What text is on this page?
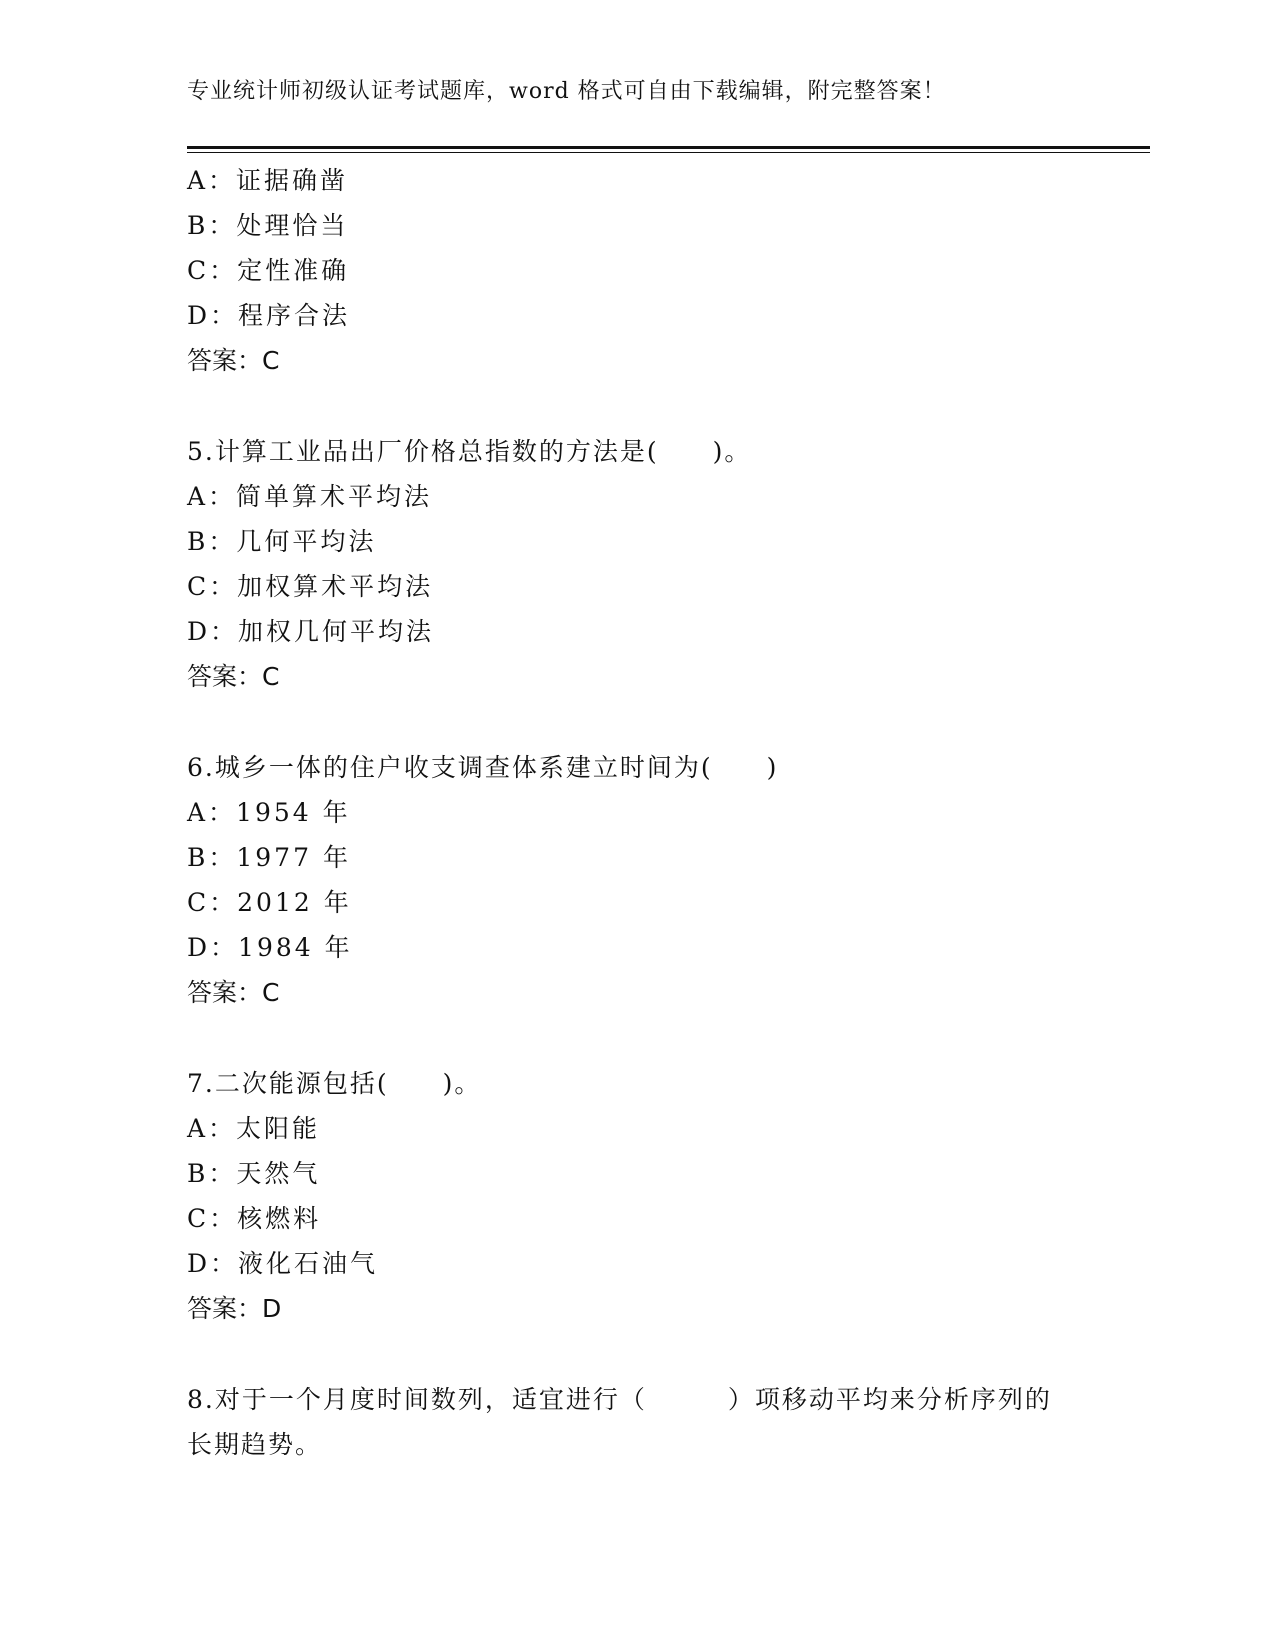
专业统计师初级认证考试题库，word 格式可自由下载编辑，附完整答案！
A：证据确凿
B：处理恰当
C：定性准确
D：程序合法
答案：C
5.计算工业品出厂价格总指数的方法是(　　)。
A：简单算术平均法
B：几何平均法
C：加权算术平均法
D：加权几何平均法
答案：C
6.城乡一体的住户收支调查体系建立时间为(　　)
A：1954 年
B：1977 年
C：2012 年
D：1984 年
答案：C
7.二次能源包括(　　)。
A：太阳能
B：天然气
C：核燃料
D：液化石油气
答案：D
8.对于一个月度时间数列，适宜进行（　　　）项移动平均来分析序列的长期趋势。
